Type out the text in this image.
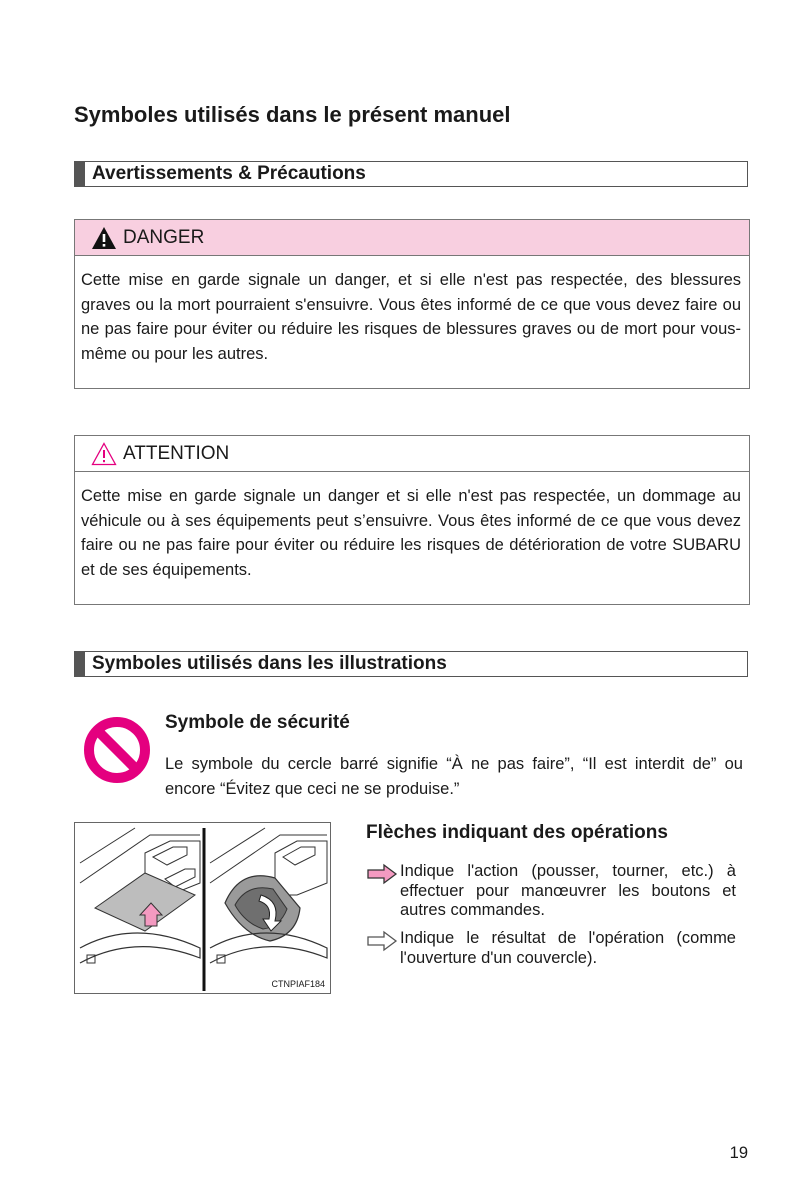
Symboles utilisés dans le présent manuel
Avertissements & Précautions
DANGER
Cette mise en garde signale un danger, et si elle n'est pas respectée, des blessures graves ou la mort pourraient s'ensuivre. Vous êtes informé de ce que vous devez faire ou ne pas faire pour éviter ou réduire les risques de blessures graves ou de mort pour vous-même ou pour les autres.
ATTENTION
Cette mise en garde signale un danger et si elle n'est pas respectée, un dommage au véhicule ou à ses équipements peut s’ensuivre. Vous êtes informé de ce que vous devez faire ou ne pas faire pour éviter ou réduire les risques de détérioration de votre SUBARU et de ses équipements.
Symboles utilisés dans les illustrations
Symbole de sécurité
Le symbole du cercle barré signifie “À ne pas faire”, “Il est interdit de” ou encore “Évitez que ceci ne se produise.”
CTNPIAF184
Flèches indiquant des opérations
Indique l'action (pousser, tourner, etc.) à effectuer pour manœuvrer les boutons et autres commandes.
Indique le résultat de l'opération (comme l'ouverture d'un couvercle).
19
